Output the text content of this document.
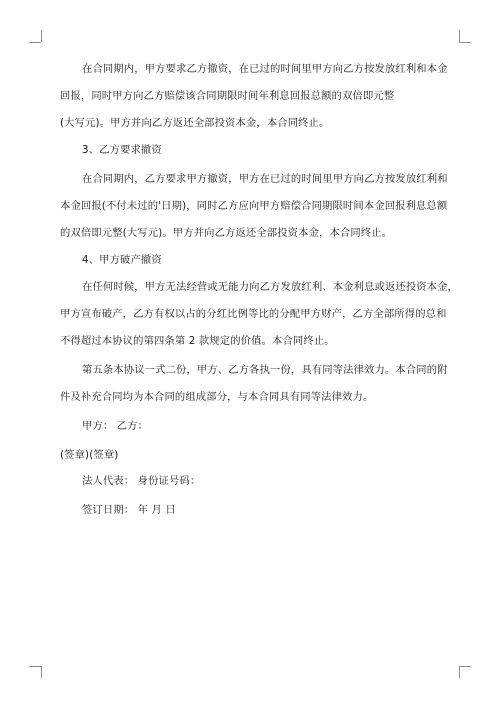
在合同期内，甲方要求乙方撤资，在已过的时间里甲方向乙方按发放红利和本金
回报，同时甲方向乙方赔偿该合同期限时间年利息回报总额的双倍即元整
(大写元)。甲方并向乙方返还全部投资本金，本合同终止。
3、乙方要求撤资
在合同期内，乙方要求甲方撤资，甲方在已过的时间里甲方向乙方按发放红利和
本金回报(不付未过的'日期)，同时乙方应向甲方赔偿合同期限时间本金回报利息总额
的双倍即元整(大写元)。甲方并向乙方返还全部投资本金，本合同终止。
4、甲方破产撤资
在任何时候，甲方无法经营或无能力向乙方发放红利、本金利息或返还投资本金，
甲方宣布破产，乙方有权以占的分红比例等比的分配甲方财产，乙方全部所得的总和
不得超过本协议的第四条第 2 款规定的价值。本合同终止。
第五条本协议一式二份，甲方、乙方各执一份，具有同等法律效力。本合同的附
件及补充合同均为本合同的组成部分，与本合同具有同等法律效力。
甲方： 乙方：
(签章)(签章)
法人代表： 身份证号码：
签订日期： 年 月 日
